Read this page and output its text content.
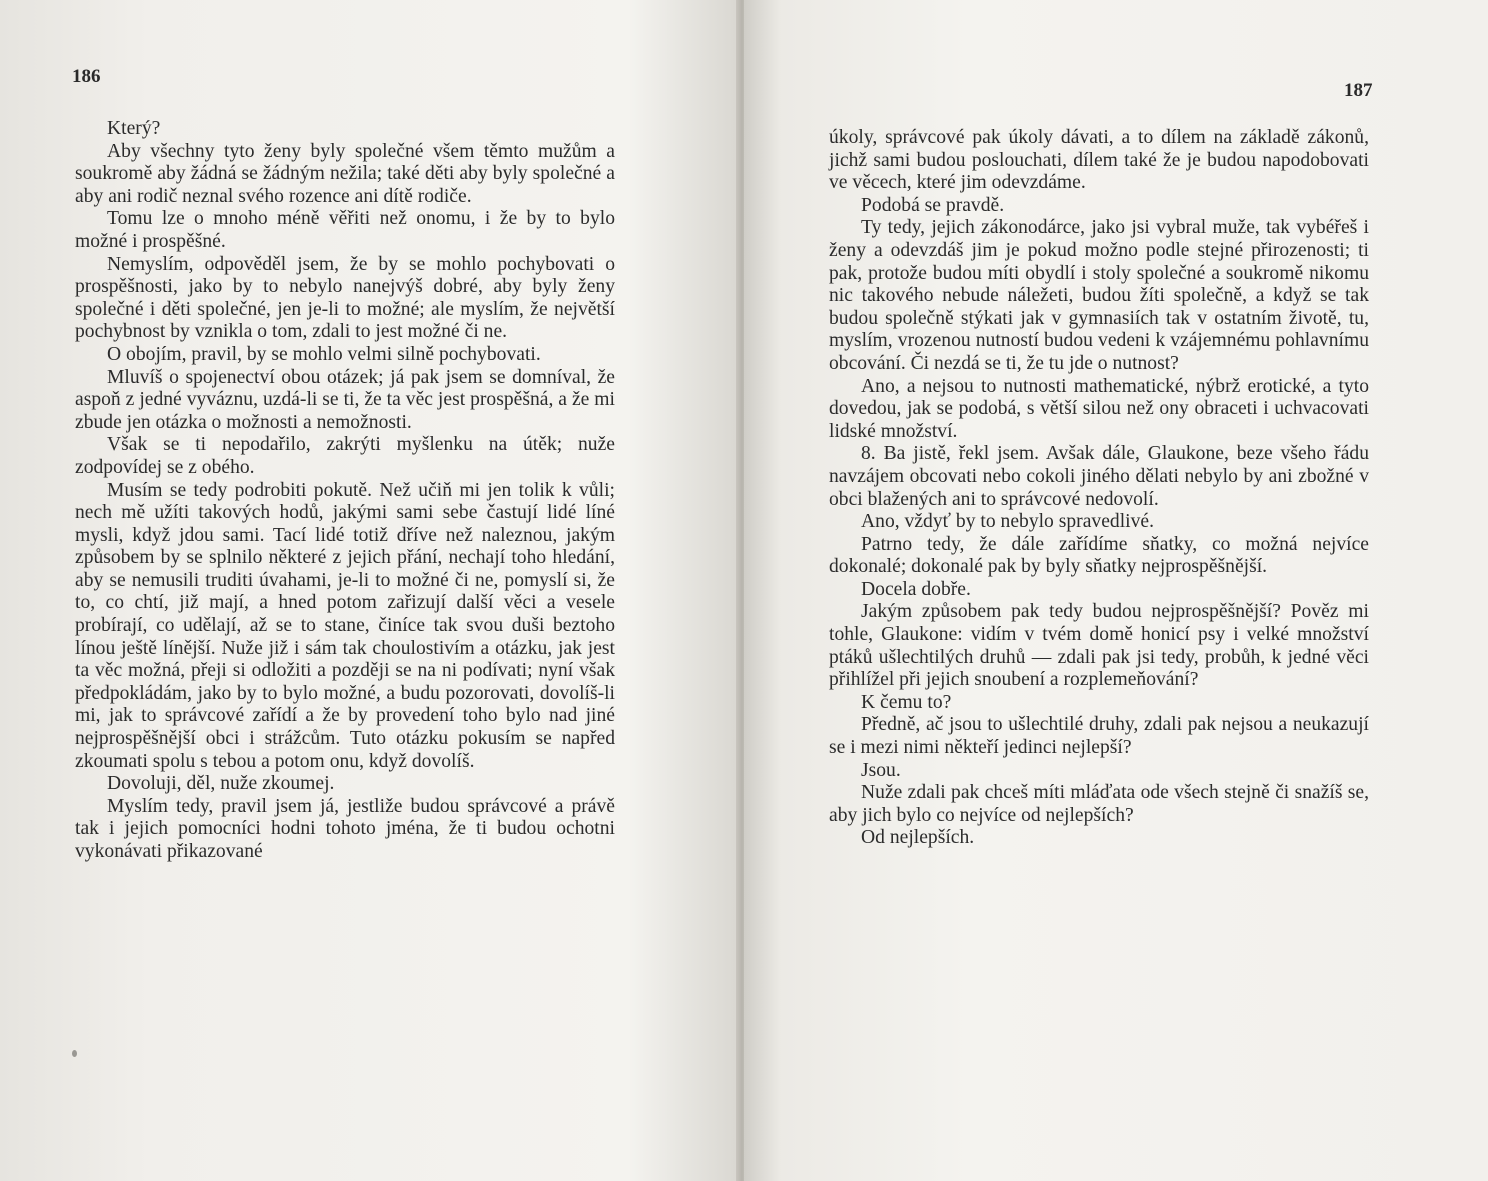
186

Který?

Aby všechny tyto ženy byly společné všem těmto mužům a soukromě aby žádná se žádným nežila; také děti aby byly společné a aby ani rodič neznal svého rozence ani dítě rodiče.

Tomu lze o mnoho méně věřiti než onomu, i že by to bylo možné i prospěšné.

Nemyslím, odpověděl jsem, že by se mohlo pochybovati o prospěšnosti, jako by to nebylo nanejvýš dobré, aby byly ženy společné i děti společné, jen je-li to možné; ale myslím, že největší pochybnost by vznikla o tom, zdali to jest možné či ne.

O obojím, pravil, by se mohlo velmi silně pochybovati.

Mluvíš o spojenectví obou otázek; já pak jsem se domníval, že aspoň z jedné vyváznu, uzdá-li se ti, že ta věc jest prospěšná, a že mi zbude jen otázka o možnosti a nemožnosti.

Však se ti nepodařilo, zakrýti myšlenku na útěk; nuže zodpovídej se z obého.

Musím se tedy podrobiti pokutě. Než učiň mi jen tolik k vůli; nech mě užíti takových hodů, jakými sami sebe častují lidé líné mysli, když jdou sami. Tací lidé totiž dříve než naleznou, jakým způsobem by se splnilo některé z jejich přání, nechají toho hledání, aby se nemusili truditi úvahami, je-li to možné či ne, pomyslí si, že to, co chtí, již mají, a hned potom zařizují další věci a vesele probírají, co udělají, až se to stane, činíce tak svou duši beztoho línou ještě línější. Nuže již i sám tak choulostivím a otázku, jak jest ta věc možná, přeji si odložiti a později se na ni podívati; nyní však předpokládám, jako by to bylo možné, a budu pozorovati, dovolíš-li mi, jak to správcové zařídí a že by provedení toho bylo nad jiné nejprospěšnější obci i strážcům. Tuto otázku pokusím se napřed zkoumati spolu s tebou a potom onu, když dovolíš.

Dovoluji, děl, nuže zkoumej.

Myslím tedy, pravil jsem já, jestliže budou správcové a právě tak i jejich pomocníci hodni tohoto jména, že ti budou ochotni vykonávati přikazované

187

úkoly, správcové pak úkoly dávati, a to dílem na základě zákonů, jichž sami budou poslouchati, dílem také že je budou napodobovati ve věcech, které jim odevzdáme.

Podobá se pravdě.

Ty tedy, jejich zákonodárce, jako jsi vybral muže, tak vybéřeš i ženy a odevzdáš jim je pokud možno podle stejné přirozenosti; ti pak, protože budou míti obydlí i stoly společné a soukromě nikomu nic takového nebude náležeti, budou žíti společně, a když se tak budou společně stýkati jak v gymnasiích tak v ostatním životě, tu, myslím, vrozenou nutností budou vedeni k vzájemnému pohlavnímu obcování. Či nezdá se ti, že tu jde o nutnost?

Ano, a nejsou to nutnosti mathematické, nýbrž erotické, a tyto dovedou, jak se podobá, s větší silou než ony obraceti i uchvacovati lidské množství.

8. Ba jistě, řekl jsem. Avšak dále, Glaukone, beze všeho řádu navzájem obcovati nebo cokoli jiného dělati nebylo by ani zbožné v obci blažených ani to správcové nedovolí.

Ano, vždyť by to nebylo spravedlivé.

Patrno tedy, že dále zařídíme sňatky, co možná nejvíce dokonalé; dokonalé pak by byly sňatky nejprospěšnější.

Docela dobře.

Jakým způsobem pak tedy budou nejprospěšnější? Pověz mi tohle, Glaukone: vidím v tvém domě honicí psy i velké množství ptáků ušlechtilých druhů — zdali pak jsi tedy, probůh, k jedné věci přihlížel při jejich snoubení a rozplemeňování?

K čemu to?

Předně, ač jsou to ušlechtilé druhy, zdali pak nejsou a neukazují se i mezi nimi někteří jedinci nejlepší?

Jsou.

Nuže zdali pak chceš míti mláďata ode všech stejně či snažíš se, aby jich bylo co nejvíce od nejlepších?

Od nejlepších.
